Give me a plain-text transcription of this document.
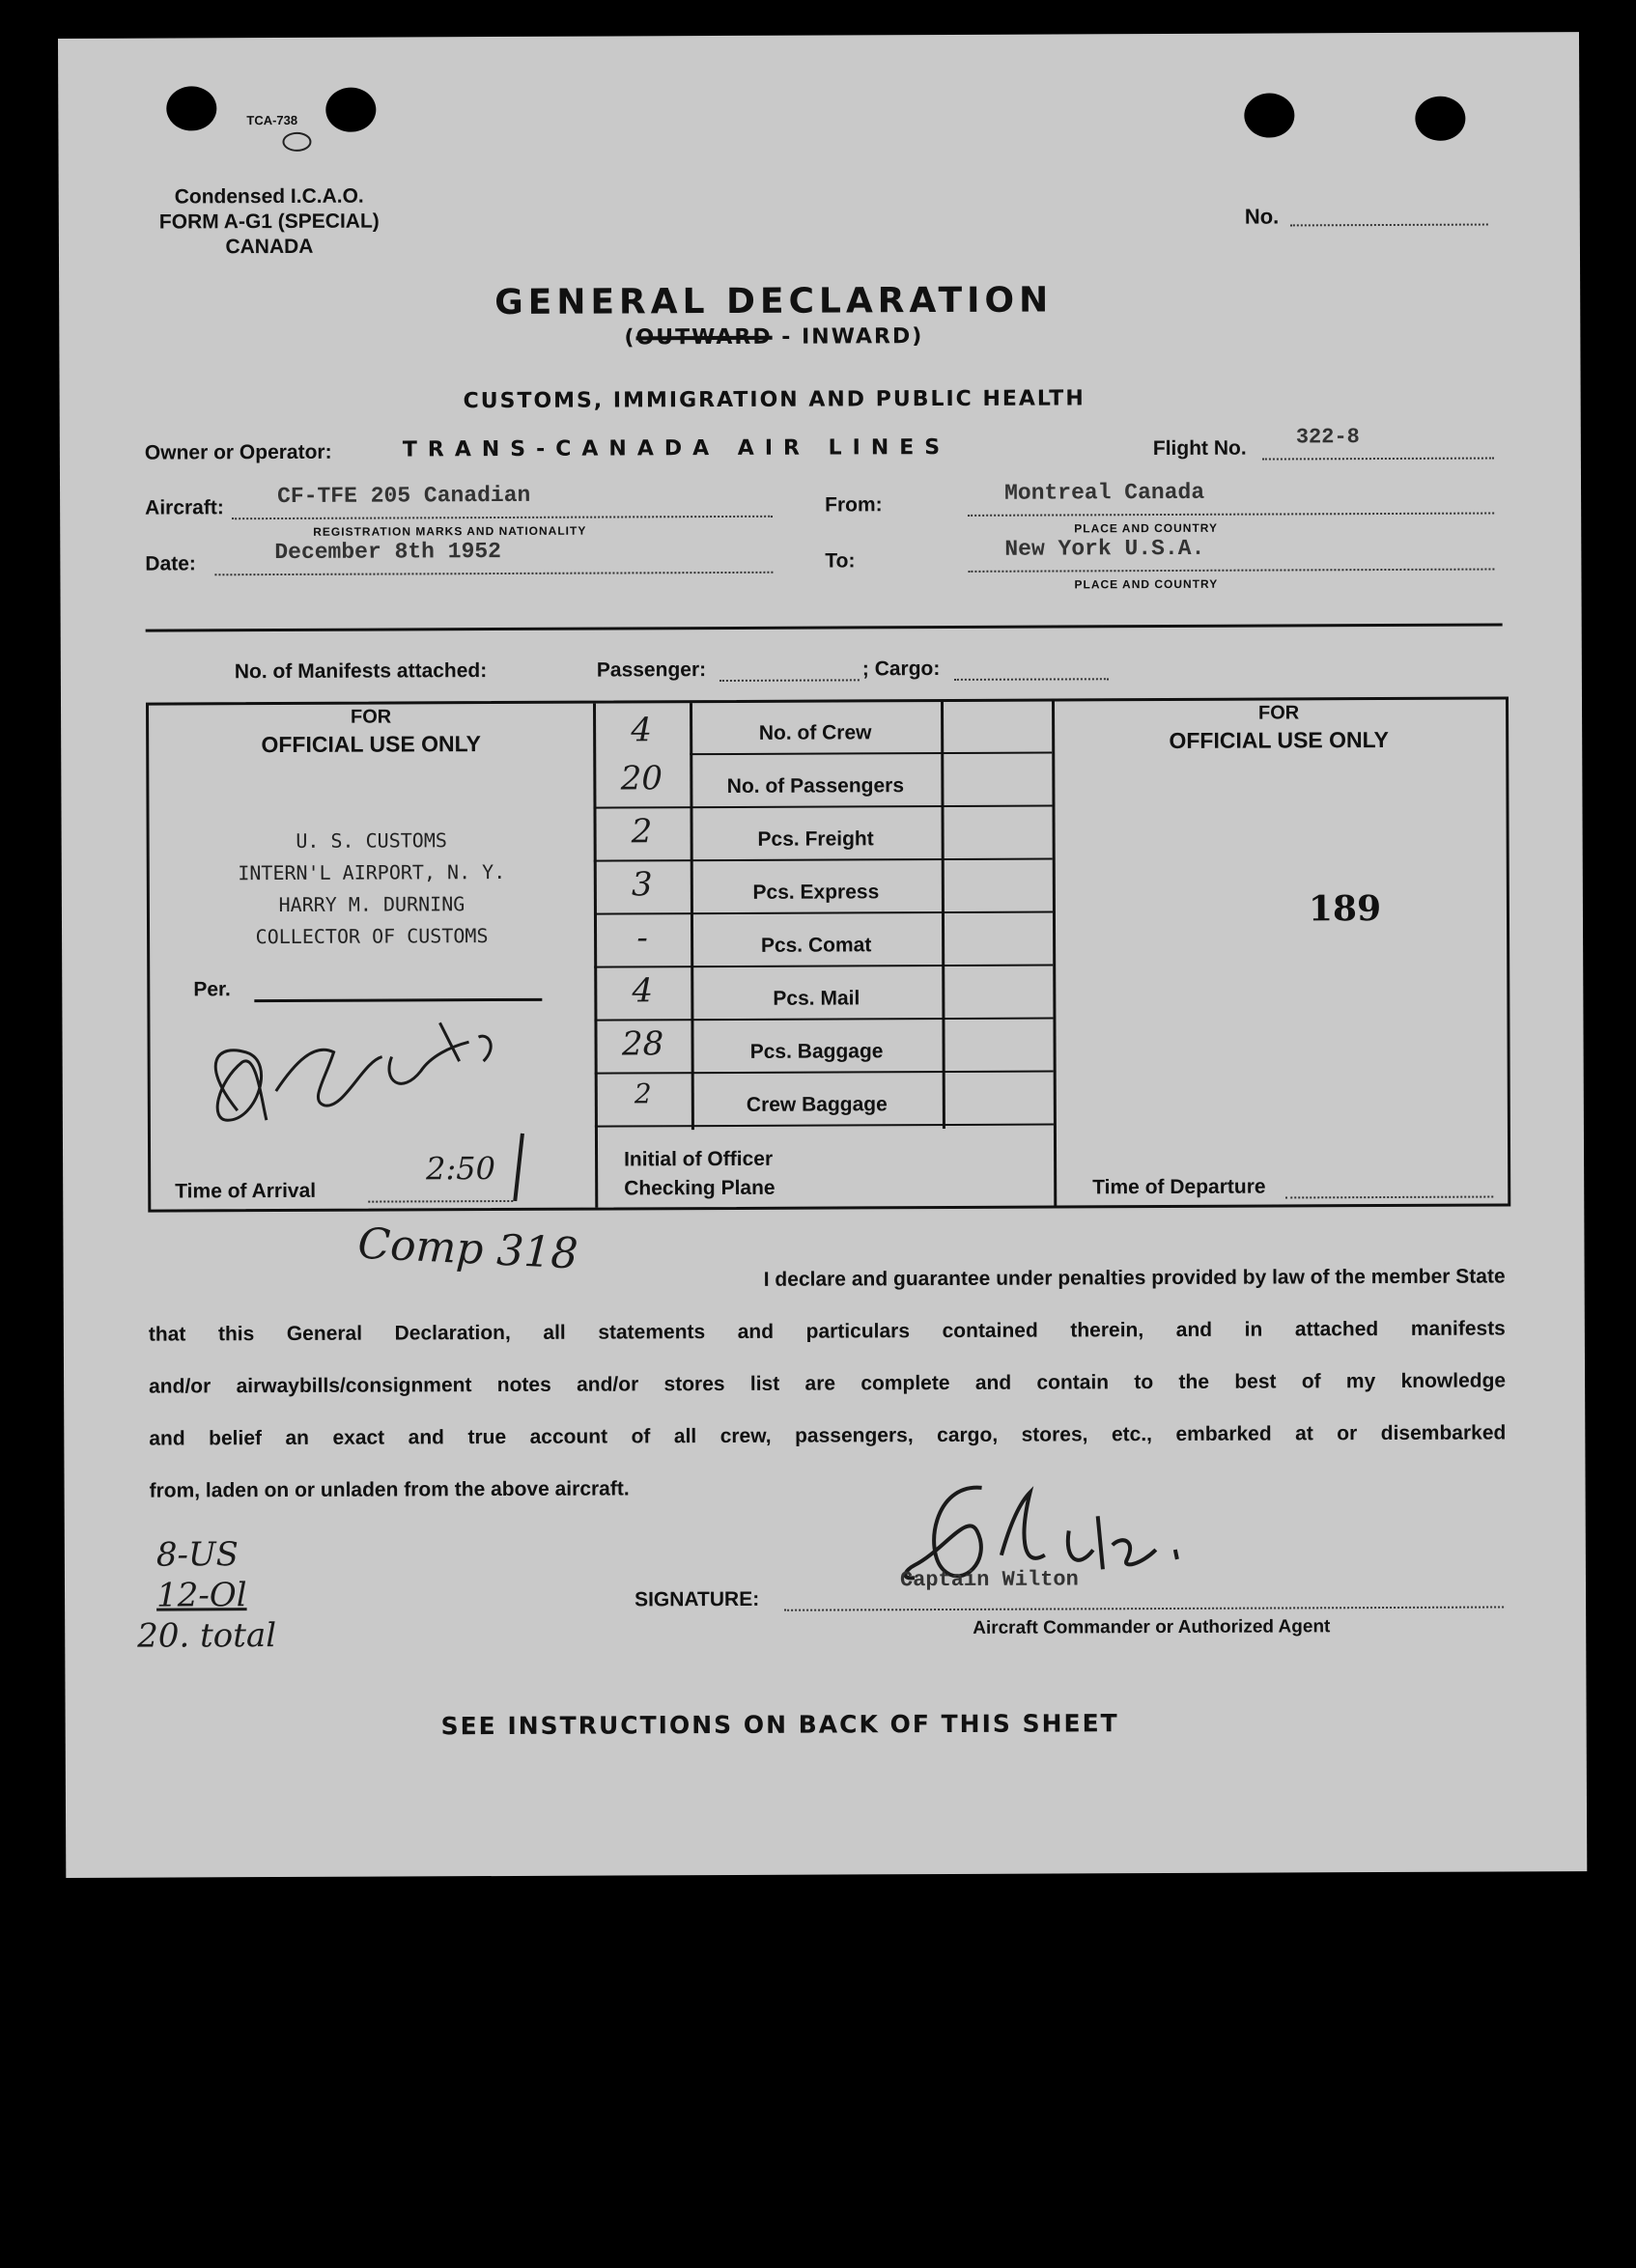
TCA-738
Condensed I.C.A.O.
FORM A-G1 (SPECIAL)
CANADA
No.
GENERAL DECLARATION
(OUTWARD - INWARD)
CUSTOMS, IMMIGRATION AND PUBLIC HEALTH
Owner or Operator:	TRANS-CANADA AIR LINES	Flight No. 322-8
Aircraft: CF-TFE 205 Canadian
REGISTRATION MARKS AND NATIONALITY
From:	Montreal Canada
PLACE AND COUNTRY
Date:	December 8th 1952	To:	New York U.S.A.
PLACE AND COUNTRY
No. of Manifests attached:	Passenger:	; Cargo:
FOR
OFFICIAL USE ONLY
U. S. CUSTOMS
INTERN'L AIRPORT, N. Y.
HARRY M. DURNING
COLLECTOR OF CUSTOMS
Per.
Time of Arrival
2:50
4	No. of Crew
20	No. of Passengers
2	Pcs. Freight
3	Pcs. Express
-	Pcs. Comat
4	Pcs. Mail
28	Pcs. Baggage
2	Crew Baggage
Initial of Officer
Checking Plane
FOR
OFFICIAL USE ONLY
189
Time of Departure
Comp 318	I declare and guarantee under penalties provided by law of the member State
that this General Declaration, all statements and particulars contained therein, and in attached manifests
and/or airwaybills/consignment notes and/or stores list are complete and contain to the best of my knowledge
and belief an exact and true account of all crew, passengers, cargo, stores, etc., embarked at or disembarked
from, laden on or unladen from the above aircraft.
8-US
12-Ol
20. total
Captain Wilton
SIGNATURE:
Aircraft Commander or Authorized Agent
SEE INSTRUCTIONS ON BACK OF THIS SHEET
